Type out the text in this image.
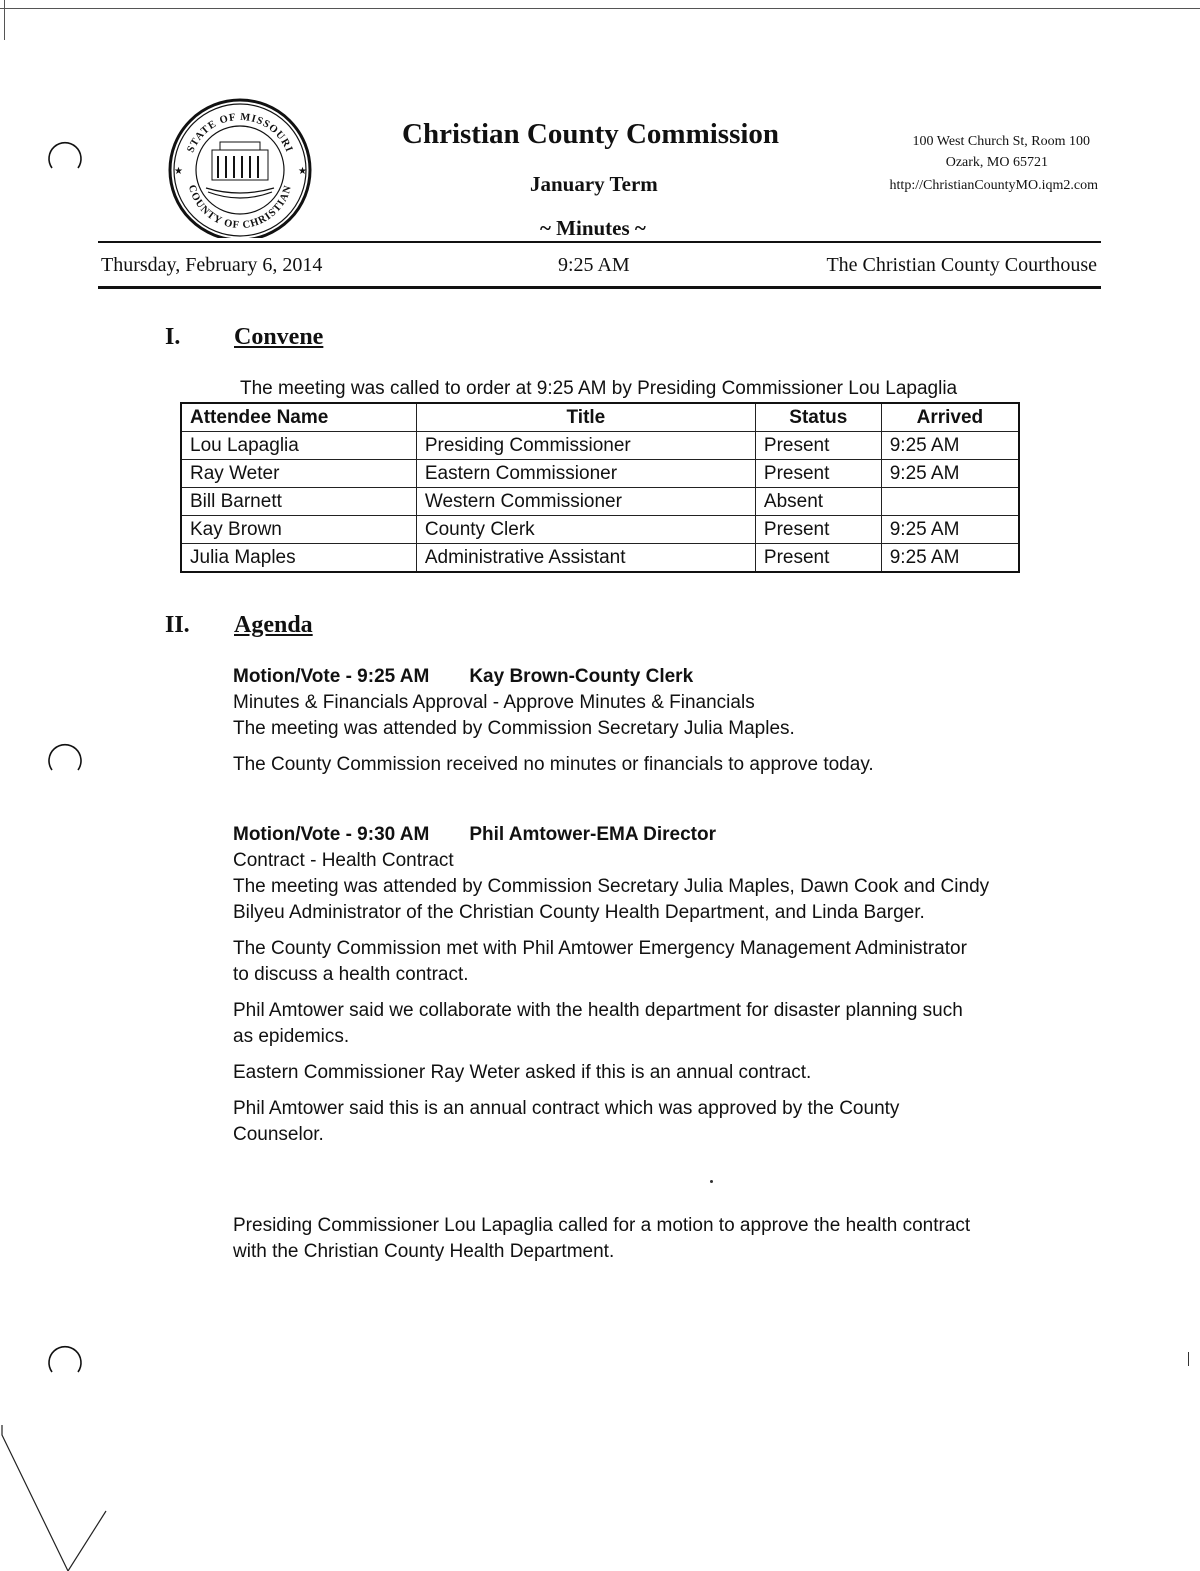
STATE OF MISSOURI
COUNTY OF CHRISTIAN
★	★
Christian County Commission
January Term
~ Minutes ~
100 West Church St, Room 100
Ozark, MO 65721
http://ChristianCountyMO.iqm2.com
Thursday, February 6, 2014	9:25 AM	The Christian County Courthouse
I. Convene
The meeting was called to order at 9:25 AM by Presiding Commissioner Lou Lapaglia
Attendee Name	Title	Status	Arrived
Lou Lapaglia	Presiding Commissioner	Present	9:25 AM
Ray Weter	Eastern Commissioner	Present	9:25 AM
Bill Barnett	Western Commissioner	Absent	
Kay Brown	County Clerk	Present	9:25 AM
Julia Maples	Administrative Assistant	Present	9:25 AM
II. Agenda
Motion/Vote - 9:25 AM Kay Brown-County Clerk
Minutes & Financials Approval - Approve Minutes & Financials
The meeting was attended by Commission Secretary Julia Maples.
The County Commission received no minutes or financials to approve today.
Motion/Vote - 9:30 AM Phil Amtower-EMA Director
Contract - Health Contract
The meeting was attended by Commission Secretary Julia Maples, Dawn Cook and Cindy
Bilyeu Administrator of the Christian County Health Department, and Linda Barger.
The County Commission met with Phil Amtower Emergency Management Administrator
to discuss a health contract.
Phil Amtower said we collaborate with the health department for disaster planning such
as epidemics.
Eastern Commissioner Ray Weter asked if this is an annual contract.
Phil Amtower said this is an annual contract which was approved by the County
Counselor.
Presiding Commissioner Lou Lapaglia called for a motion to approve the health contract
with the Christian County Health Department.
